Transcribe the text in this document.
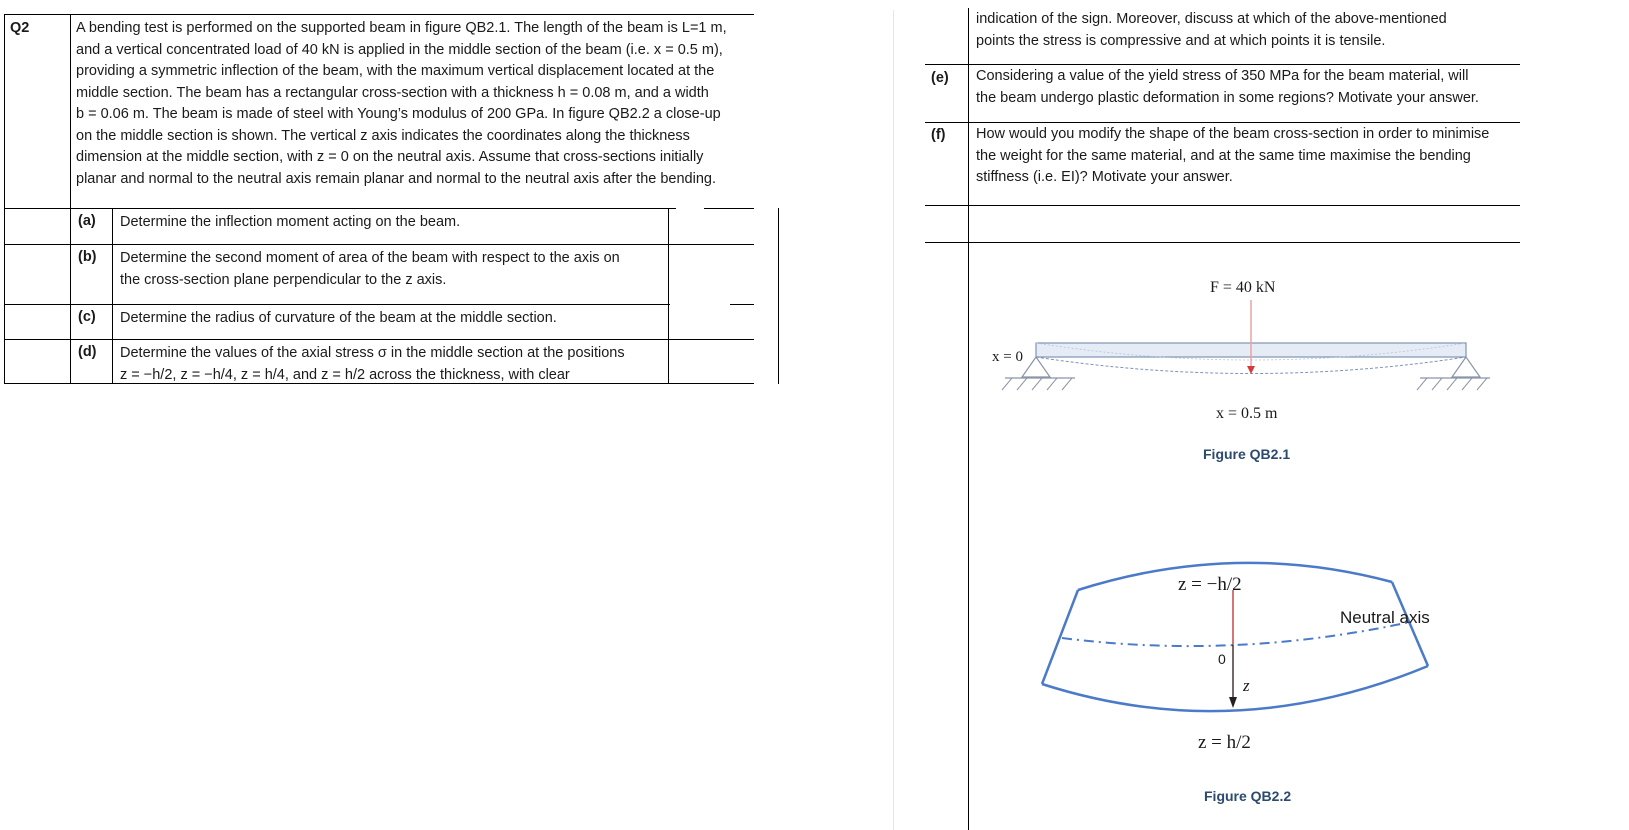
Q2	A bending test is performed on the supported beam in figure QB2.1. The length of the beam is L=1 m,
and a vertical concentrated load of 40 kN is applied in the middle section of the beam (i.e. x = 0.5 m),
providing a symmetric inflection of the beam, with the maximum vertical displacement located at the
middle section. The beam has a rectangular cross-section with a thickness h = 0.08 m, and a width
b = 0.06 m. The beam is made of steel with Young’s modulus of 200 GPa. In figure QB2.2 a close-up
on the middle section is shown. The vertical z axis indicates the coordinates along the thickness
dimension at the middle section, with z = 0 on the neutral axis. Assume that cross-sections initially
planar and normal to the neutral axis remain planar and normal to the neutral axis after the bending.
(a) Determine the inflection moment acting on the beam.
(b) Determine the second moment of area of the beam with respect to the axis on
the cross-section plane perpendicular to the z axis.
(c) Determine the radius of curvature of the beam at the middle section.
(d) Determine the values of the axial stress σ in the middle section at the positions
z = −h/2, z = −h/4, z = h/4, and z = h/2 across the thickness, with clear
indication of the sign. Moreover, discuss at which of the above-mentioned
points the stress is compressive and at which points it is tensile.
(e) Considering a value of the yield stress of 350 MPa for the beam material, will
the beam undergo plastic deformation in some regions? Motivate your answer.
(f) How would you modify the shape of the beam cross-section in order to minimise
the weight for the same material, and at the same time maximise the bending
stiffness (i.e. EI)? Motivate your answer.
F = 40 kN
x = 0
x = 0.5 m
Figure QB2.1
z = −h/2
Neutral axis
0
z
z = h/2
Figure QB2.2
